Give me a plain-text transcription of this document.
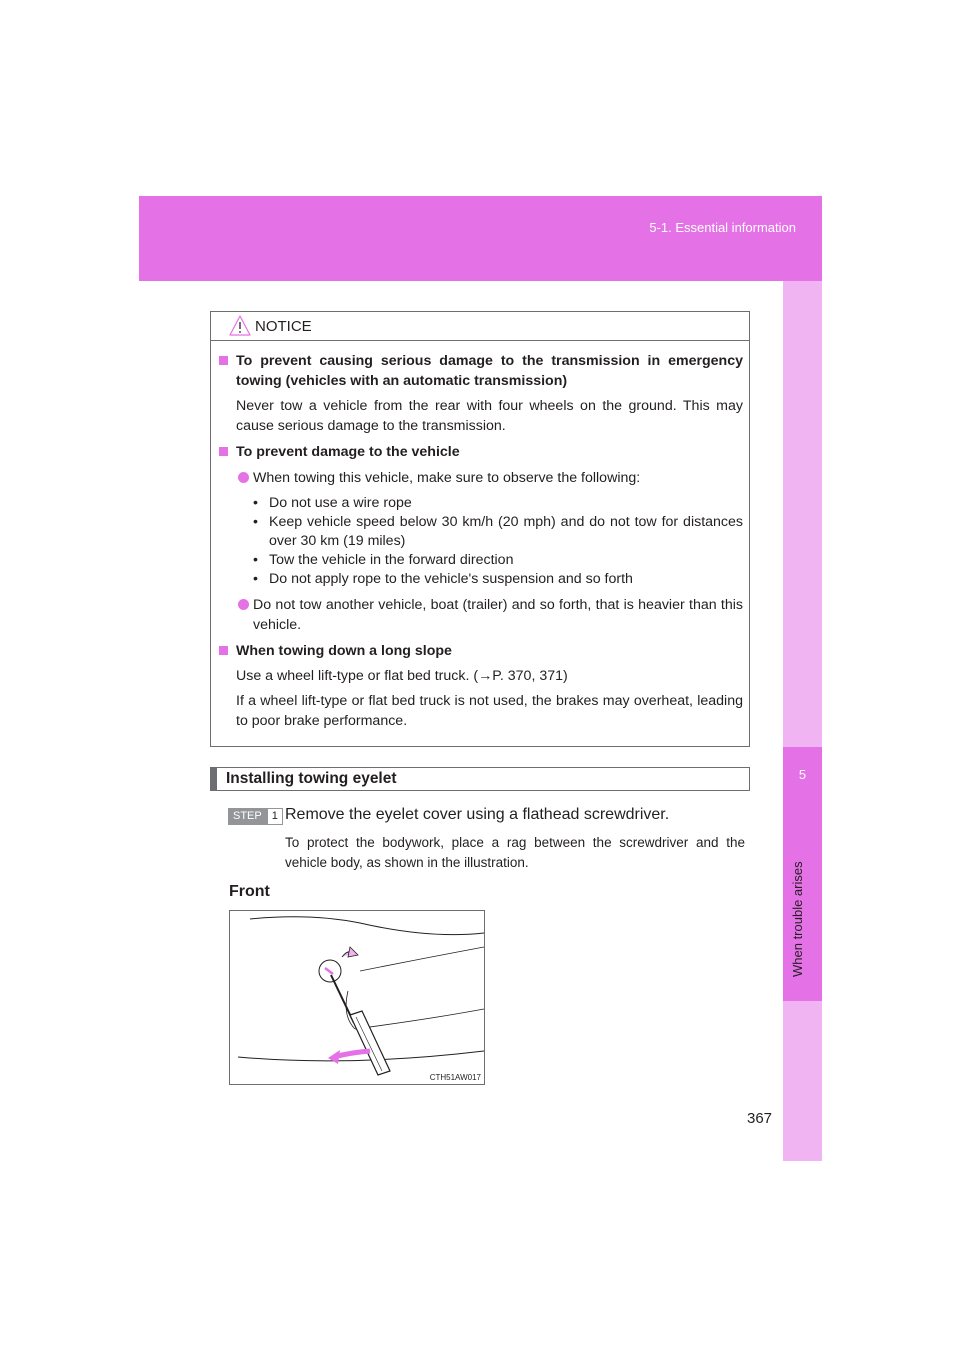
5-1. Essential information
5
When trouble arises
NOTICE
To prevent causing serious damage to the transmission in emergency towing (vehicles with an automatic transmission)
Never tow a vehicle from the rear with four wheels on the ground. This may cause serious damage to the transmission.
To prevent damage to the vehicle
When towing this vehicle, make sure to observe the following:
• Do not use a wire rope
• Keep vehicle speed below 30 km/h (20 mph) and do not tow for distances over 30 km (19 miles)
• Tow the vehicle in the forward direction
• Do not apply rope to the vehicle's suspension and so forth
Do not tow another vehicle, boat (trailer) and so forth, that is heavier than this vehicle.
When towing down a long slope
Use a wheel lift-type or flat bed truck. (→P. 370, 371)
If a wheel lift-type or flat bed truck is not used, the brakes may overheat, leading to poor brake performance.
Installing towing eyelet
STEP 1 Remove the eyelet cover using a flathead screwdriver.
To protect the bodywork, place a rag between the screwdriver and the vehicle body, as shown in the illustration.
Front
CTH51AW017
367
